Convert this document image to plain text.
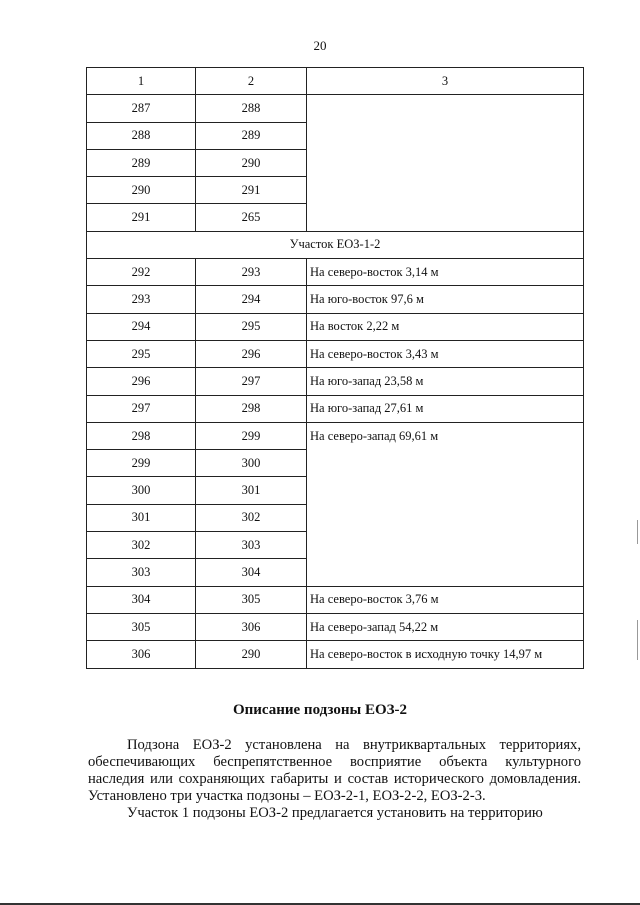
20
1	2	3
287	288	
288	289	
289	290	
290	291	
291	265	
Участок ЕОЗ-1-2		
292	293	На северо-восток 3,14 м
293	294	На юго-восток 97,6 м
294	295	На восток 2,22 м
295	296	На северо-восток 3,43 м
296	297	На юго-запад 23,58 м
297	298	На юго-запад 27,61 м
298	299	На северо-запад 69,61 м
299	300	
300	301	
301	302	
302	303	
303	304	
304	305	На северо-восток 3,76 м
305	306	На северо-запад 54,22 м
306	290	На северо-восток в исходную точку 14,97 м
Описание подзоны ЕОЗ-2

Подзона ЕОЗ-2 установлена на внутриквартальных территориях, обеспечивающих беспрепятственное восприятие объекта культурного наследия или сохраняющих габариты и состав исторического домовладения. Установлено три участка подзоны – ЕОЗ-2-1, ЕОЗ-2-2, ЕОЗ-2-3.

Участок 1 подзоны ЕОЗ-2 предлагается установить на территорию
